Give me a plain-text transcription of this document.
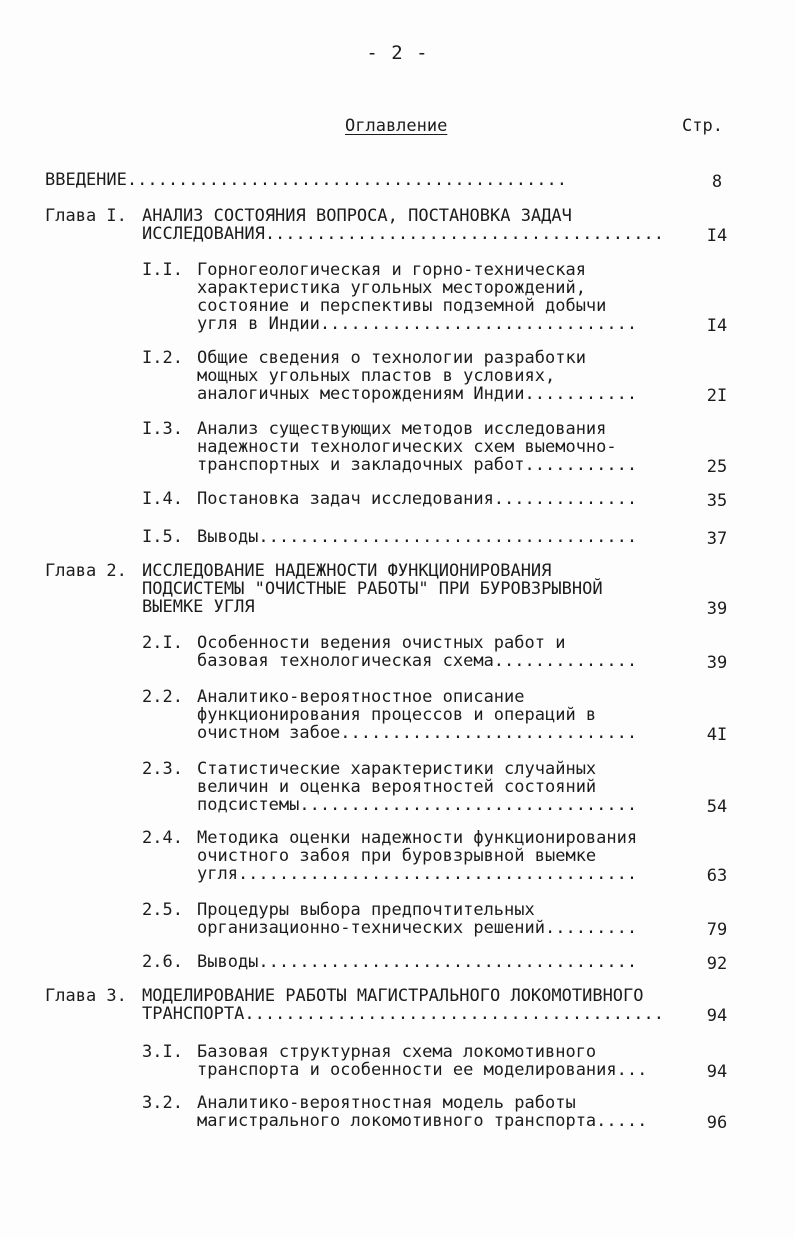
- 2 -
Оглавление	Стр.
ВВЕДЕНИЕ...........................................	8
Глава I. АНАЛИЗ СОСТОЯНИЯ ВОПРОСА, ПОСТАНОВКА ЗАДАЧ
ИССЛЕДОВАНИЯ.......................................	I4
I.I. Горногеологическая и горно-техническая
характеристика угольных месторождений,
состояние и перспективы подземной добычи
угля в Индии...............................	I4
I.2. Общие сведения о технологии разработки
мощных угольных пластов в условиях,
аналогичных месторождениям Индии...........	2I
I.3. Анализ существующих методов исследования
надежности технологических схем выемочно-
транспортных и закладочных работ...........	25
I.4. Постановка задач исследования..............	35
I.5. Выводы.....................................	37
Глава 2. ИССЛЕДОВАНИЕ НАДЕЖНОСТИ ФУНКЦИОНИРОВАНИЯ
ПОДСИСТЕМЫ "ОЧИСТНЫЕ РАБОТЫ" ПРИ БУРОВЗРЫВНОЙ
ВЫЕМКЕ УГЛЯ	39
2.I. Особенности ведения очистных работ и
базовая технологическая схема..............	39
2.2. Аналитико-вероятностное описание
функционирования процессов и операций в
очистном забое.............................	4I
2.3. Статистические характеристики случайных
величин и оценка вероятностей состояний
подсистемы.................................	54
2.4. Методика оценки надежности функционирования
очистного забоя при буровзрывной выемке
угля.......................................	63
2.5. Процедуры выбора предпочтительных
организационно-технических решений.........	79
2.6. Выводы.....................................	92
Глава 3. МОДЕЛИРОВАНИЕ РАБОТЫ МАГИСТРАЛЬНОГО ЛОКОМОТИВНОГО
ТРАНСПОРТА.........................................	94
3.I. Базовая структурная схема локомотивного
транспорта и особенности ее моделирования...	94
3.2. Аналитико-вероятностная модель работы
магистрального локомотивного транспорта.....	96
